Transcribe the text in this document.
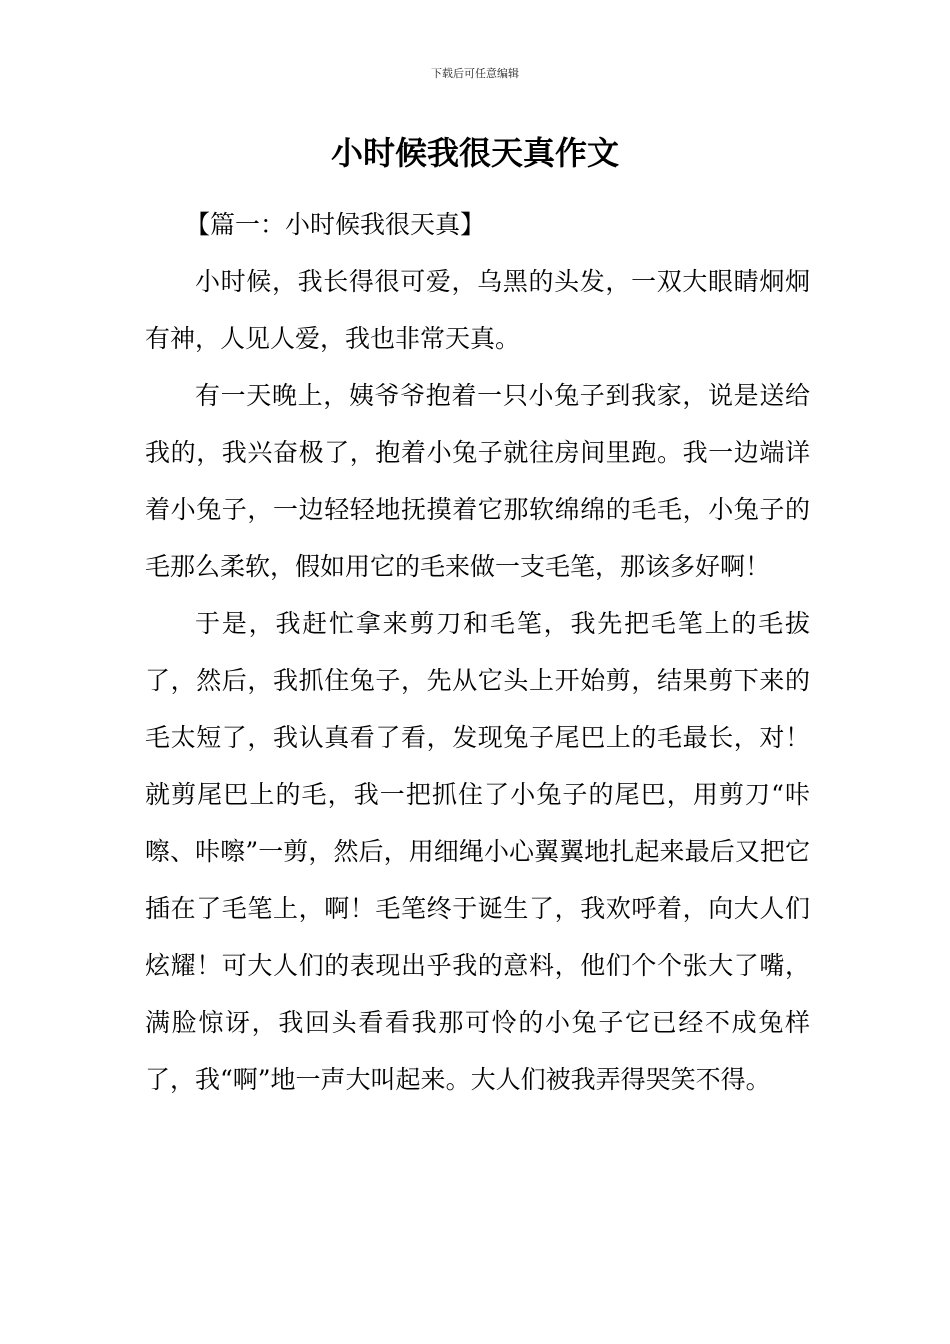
下载后可任意编辑
小时候我很天真作文

【篇一：小时候我很天真】

小时候，我长得很可爱，乌黑的头发，一双大眼睛炯炯有神，人见人爱，我也非常天真。

有一天晚上，姨爷爷抱着一只小兔子到我家，说是送给我的，我兴奋极了，抱着小兔子就往房间里跑。我一边端详着小兔子，一边轻轻地抚摸着它那软绵绵的毛毛，小兔子的毛那么柔软，假如用它的毛来做一支毛笔，那该多好啊！

于是，我赶忙拿来剪刀和毛笔，我先把毛笔上的毛拔了，然后，我抓住兔子，先从它头上开始剪，结果剪下来的毛太短了，我认真看了看，发现兔子尾巴上的毛最长，对！就剪尾巴上的毛，我一把抓住了小兔子的尾巴，用剪刀“咔嚓、咔嚓”一剪，然后，用细绳小心翼翼地扎起来最后又把它插在了毛笔上，啊！毛笔终于诞生了，我欢呼着，向大人们炫耀！可大人们的表现出乎我的意料，他们个个张大了嘴，满脸惊讶，我回头看看我那可怜的小兔子它已经不成兔样了，我“啊”地一声大叫起来。大人们被我弄得哭笑不得。
